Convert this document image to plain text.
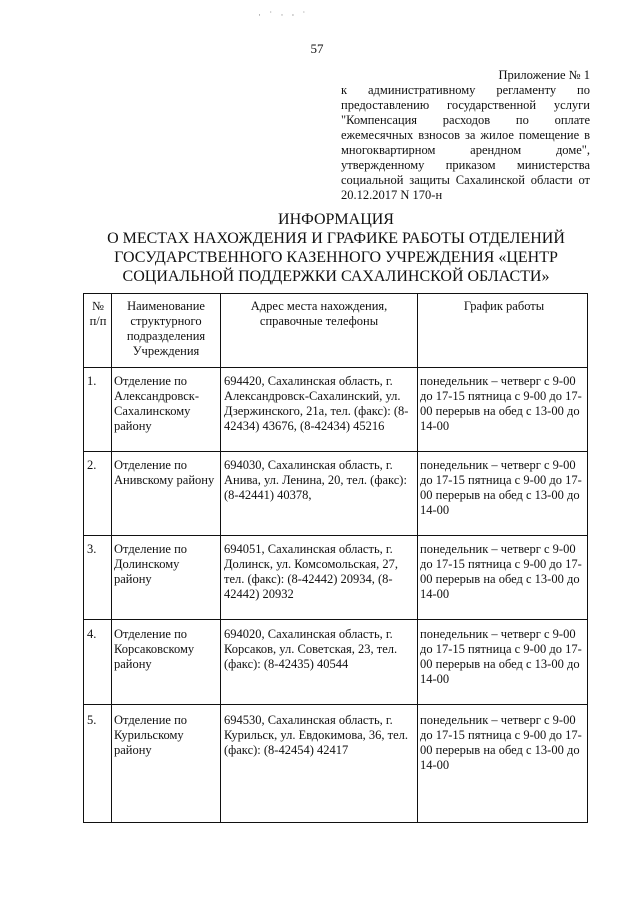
· ˙ · ⸱ ˙
57
Приложение № 1
к административному регламенту по предоставлению государственной услуги "Компенсация расходов по оплате ежемесячных взносов за жилое помещение в многоквартирном арендном доме", утвержденному приказом министерства социальной защиты Сахалинской области от 20.12.2017 N 170-н
ИНФОРМАЦИЯ
О МЕСТАХ НАХОЖДЕНИЯ И ГРАФИКЕ РАБОТЫ ОТДЕЛЕНИЙ
ГОСУДАРСТВЕННОГО КАЗЕННОГО УЧРЕЖДЕНИЯ «ЦЕНТР
СОЦИАЛЬНОЙ ПОДДЕРЖКИ САХАЛИНСКОЙ ОБЛАСТИ»
№ п/п
Наименование структурного подразделения Учреждения
Адрес места нахождения, справочные телефоны
График работы
1.	Отделение по Александровск-Сахалинскому району
694420, Сахалинская область, г. Александровск-Сахалинский, ул. Дзержинского, 21а, тел. (факс): (8-42434) 43676, (8-42434) 45216
понедельник – четверг с 9-00 до 17-15 пятница с 9-00 до 17-00 перерыв на обед с 13-00 до 14-00
2.	Отделение по Анивскому району
694030, Сахалинская область, г. Анива, ул. Ленина, 20, тел. (факс): (8-42441) 40378,
понедельник – четверг с 9-00 до 17-15 пятница с 9-00 до 17-00 перерыв на обед с 13-00 до 14-00
3.	Отделение по Долинскому району
694051, Сахалинская область, г. Долинск, ул. Комсомольская, 27, тел. (факс): (8-42442) 20934, (8-42442) 20932
понедельник – четверг с 9-00 до 17-15 пятница с 9-00 до 17-00 перерыв на обед с 13-00 до 14-00
4.	Отделение по Корсаковскому району
694020, Сахалинская область, г. Корсаков, ул. Советская, 23, тел. (факс): (8-42435) 40544
понедельник – четверг с 9-00 до 17-15 пятница с 9-00 до 17-00 перерыв на обед с 13-00 до 14-00
5.	Отделение по Курильскому району
694530, Сахалинская область, г. Курильск, ул. Евдокимова, 36, тел. (факс): (8-42454) 42417
понедельник – четверг с 9-00 до 17-15 пятница с 9-00 до 17-00 перерыв на обед с 13-00 до 14-00
